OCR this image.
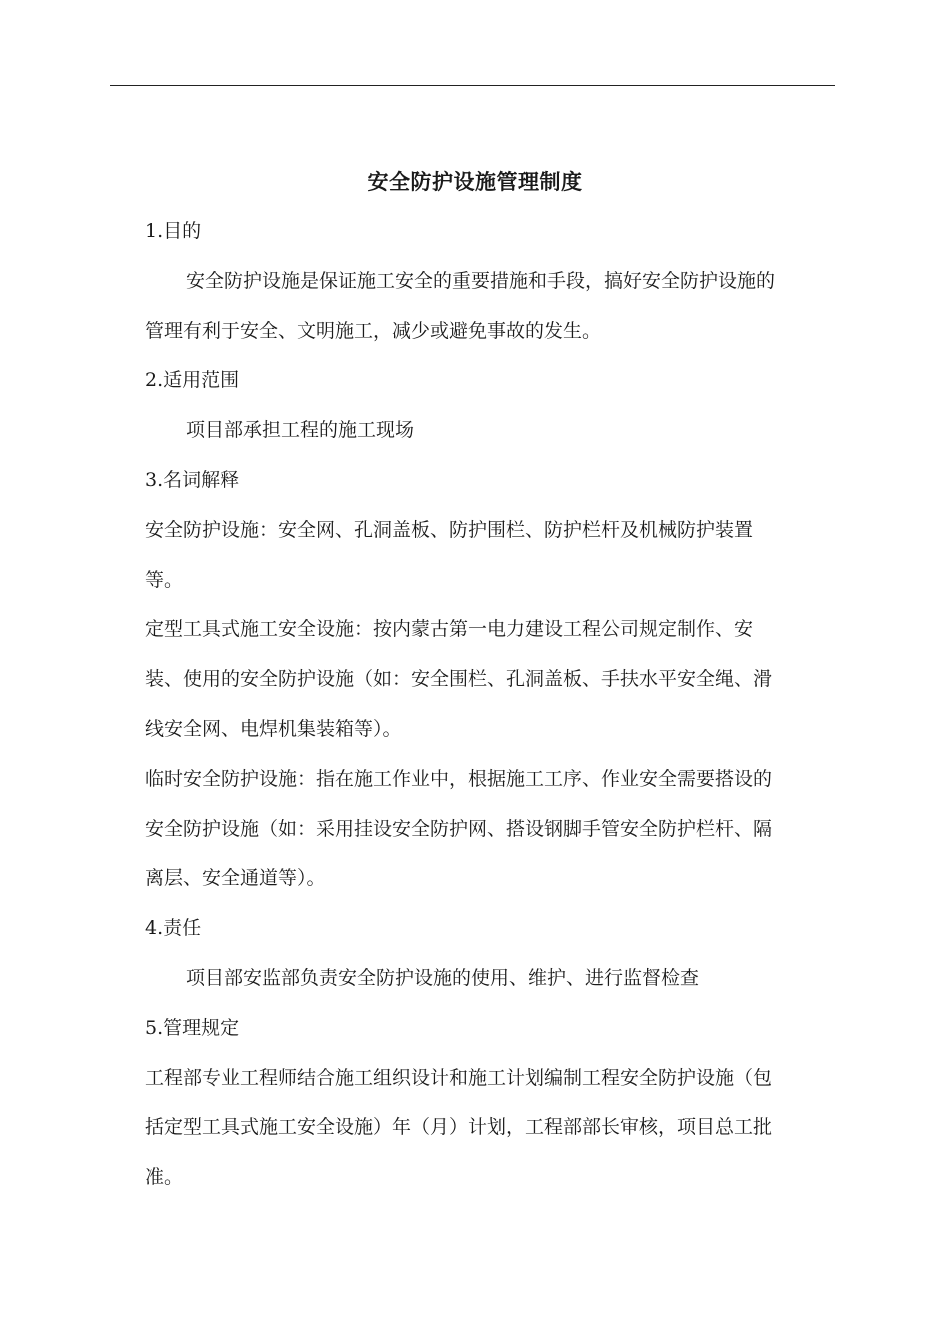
安全防护设施管理制度

1.目的

安全防护设施是保证施工安全的重要措施和手段，搞好安全防护设施的管理有利于安全、文明施工，减少或避免事故的发生。

2.适用范围

项目部承担工程的施工现场

3.名词解释

安全防护设施：安全网、孔洞盖板、防护围栏、防护栏杆及机械防护装置等。

定型工具式施工安全设施：按内蒙古第一电力建设工程公司规定制作、安装、使用的安全防护设施（如：安全围栏、孔洞盖板、手扶水平安全绳、滑线安全网、电焊机集装箱等）。

临时安全防护设施：指在施工作业中，根据施工工序、作业安全需要搭设的安全防护设施（如：采用挂设安全防护网、搭设钢脚手管安全防护栏杆、隔离层、安全通道等）。

4.责任

项目部安监部负责安全防护设施的使用、维护、进行监督检查

5.管理规定

工程部专业工程师结合施工组织设计和施工计划编制工程安全防护设施（包括定型工具式施工安全设施）年（月）计划，工程部部长审核，项目总工批准。
